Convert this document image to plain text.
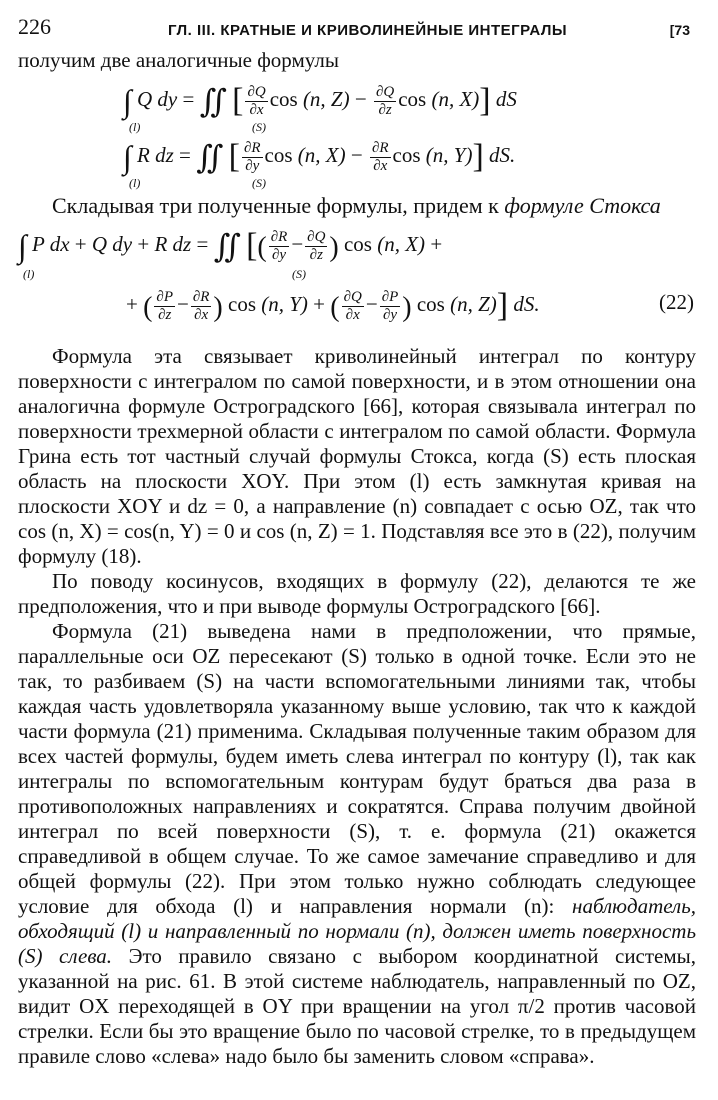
226	ГЛ. III. КРАТНЫЕ И КРИВОЛИНЕЙНЫЕ ИНТЕГРАЛЫ	[73

получим две аналогичные формулы

∫ Q dy = ∬ [ $\frac{\partial Q}{\partial x}$ cos (n, $Z) - \frac{\partial Q}{\partial z}$ cos (n, X)] dS
(l)	(S)
∫ R dz = ∬ [ $\frac{\partial R}{\partial y}$ cos (n, $X) - \frac{\partial R}{\partial x}$ cos (n, Y)] dS.
(l)	(S)

Складывая три полученные формулы, придем к формуле Стокса

∫ P dx + Q dy + R dz = ∬ [( $\frac{\partial R}{\partial y} - \frac{\partial Q}{\partial z}$ ) cos (n, X) +
(l)	(S)
+ ( $\frac{\partial P}{\partial z} - \frac{\partial R}{\partial x}$ ) cos (n, Y) + ( $\frac{\partial Q}{\partial x} - \frac{\partial P}{\partial y}$ ) cos (n, Z)] dS.	(22)

Формула эта связывает криволинейный интеграл по контуру поверхности с интегралом по самой поверхности, и в этом отношении она аналогична формуле Остроградского [66], которая связывала интеграл по поверхности трехмерной области с интегралом по самой области. Формула Грина есть тот частный случай формулы Стокса, когда (S) есть плоская область на плоскости XOY. При этом (l) есть замкнутая кривая на плоскости XOY и dz = 0, а направление (n) совпадает с осью OZ, так что cos (n, X) = cos(n, Y) = 0 и cos (n, Z) = 1. Подставляя все это в (22), получим формулу (18).

По поводу косинусов, входящих в формулу (22), делаются те же предположения, что и при выводе формулы Остроградского [66].

Формула (21) выведена нами в предположении, что прямые, параллельные оси OZ пересекают (S) только в одной точке. Если это не так, то разбиваем (S) на части вспомогательными линиями так, чтобы каждая часть удовлетворяла указанному выше условию, так что к каждой части формула (21) применима. Складывая полученные таким образом для всех частей формулы, будем иметь слева интеграл по контуру (l), так как интегралы по вспомогательным контурам будут браться два раза в противоположных направлениях и сократятся. Справа получим двойной интеграл по всей поверхности (S), т. е. формула (21) окажется справедливой в общем случае. То же самое замечание справедливо и для общей формулы (22). При этом только нужно соблюдать следующее условие для обхода (l) и направления нормали (n): наблюдатель, обходящий (l) и направленный по нормали (n), должен иметь поверхность (S) слева. Это правило связано с выбором координатной системы, указанной на рис. 61. В этой системе наблюдатель, направленный по OZ, видит OX переходящей в OY при вращении на угол π/2 против часовой стрелки. Если бы это вращение было по часовой стрелке, то в предыдущем правиле слово «слева» надо было бы заменить словом «справа».
